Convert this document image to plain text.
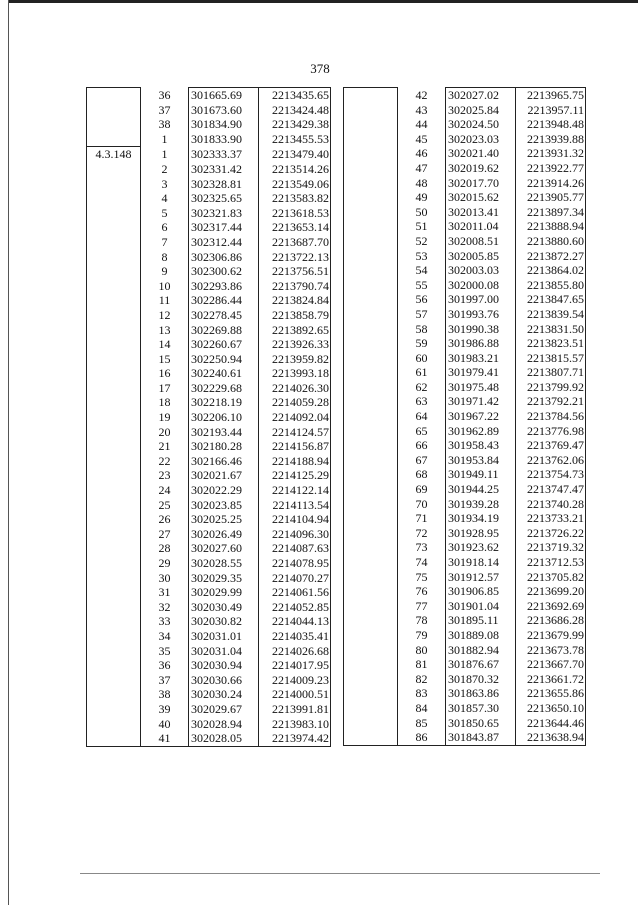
378
	36	301665.69	2213435.65
	37	301673.60	2213424.48
	38	301834.90	2213429.38
	1	301833.90	2213455.53
4.3.148	1	302333.37	2213479.40
	2	302331.42	2213514.26
	3	302328.81	2213549.06
	4	302325.65	2213583.82
	5	302321.83	2213618.53
	6	302317.44	2213653.14
	7	302312.44	2213687.70
	8	302306.86	2213722.13
	9	302300.62	2213756.51
	10	302293.86	2213790.74
	11	302286.44	2213824.84
	12	302278.45	2213858.79
	13	302269.88	2213892.65
	14	302260.67	2213926.33
	15	302250.94	2213959.82
	16	302240.61	2213993.18
	17	302229.68	2214026.30
	18	302218.19	2214059.28
	19	302206.10	2214092.04
	20	302193.44	2214124.57
	21	302180.28	2214156.87
	22	302166.46	2214188.94
	23	302021.67	2214125.29
	24	302022.29	2214122.14
	25	302023.85	2214113.54
	26	302025.25	2214104.94
	27	302026.49	2214096.30
	28	302027.60	2214087.63
	29	302028.55	2214078.95
	30	302029.35	2214070.27
	31	302029.99	2214061.56
	32	302030.49	2214052.85
	33	302030.82	2214044.13
	34	302031.01	2214035.41
	35	302031.04	2214026.68
	36	302030.94	2214017.95
	37	302030.66	2214009.23
	38	302030.24	2214000.51
	39	302029.67	2213991.81
	40	302028.94	2213983.10
	41	302028.05	2213974.42
	42	302027.02	2213965.75
	43	302025.84	2213957.11
	44	302024.50	2213948.48
	45	302023.03	2213939.88
	46	302021.40	2213931.32
	47	302019.62	2213922.77
	48	302017.70	2213914.26
	49	302015.62	2213905.77
	50	302013.41	2213897.34
	51	302011.04	2213888.94
	52	302008.51	2213880.60
	53	302005.85	2213872.27
	54	302003.03	2213864.02
	55	302000.08	2213855.80
	56	301997.00	2213847.65
	57	301993.76	2213839.54
	58	301990.38	2213831.50
	59	301986.88	2213823.51
	60	301983.21	2213815.57
	61	301979.41	2213807.71
	62	301975.48	2213799.92
	63	301971.42	2213792.21
	64	301967.22	2213784.56
	65	301962.89	2213776.98
	66	301958.43	2213769.47
	67	301953.84	2213762.06
	68	301949.11	2213754.73
	69	301944.25	2213747.47
	70	301939.28	2213740.28
	71	301934.19	2213733.21
	72	301928.95	2213726.22
	73	301923.62	2213719.32
	74	301918.14	2213712.53
	75	301912.57	2213705.82
	76	301906.85	2213699.20
	77	301901.04	2213692.69
	78	301895.11	2213686.28
	79	301889.08	2213679.99
	80	301882.94	2213673.78
	81	301876.67	2213667.70
	82	301870.32	2213661.72
	83	301863.86	2213655.86
	84	301857.30	2213650.10
	85	301850.65	2213644.46
	86	301843.87	2213638.94
